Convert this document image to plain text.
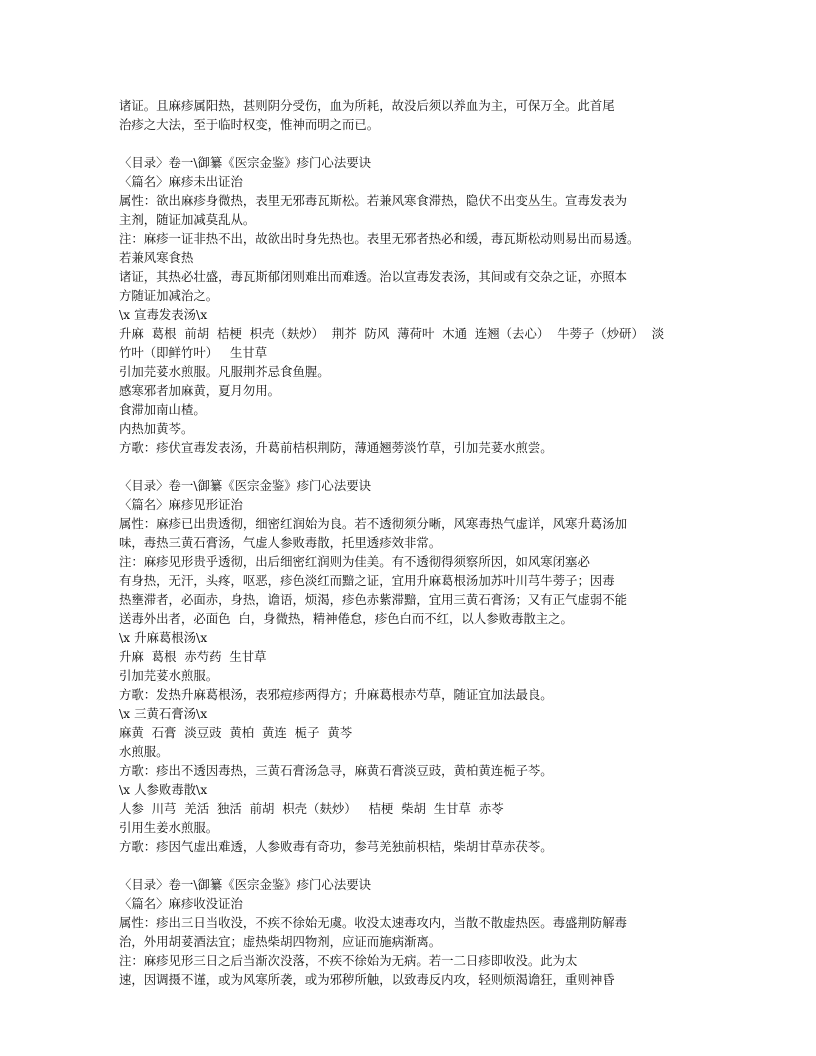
诸证。且麻疹属阳热，甚则阴分受伤，血为所耗，故没后须以养血为主，可保万全。此首尾
治疹之大法，至于临时权变，惟神而明之而已。
〈目录〉卷一\御纂《医宗金鉴》疹门心法要诀
〈篇名〉麻疹未出证治
属性：欲出麻疹身微热，表里无邪毒瓦斯松。若兼风寒食滞热，隐伏不出变丛生。宣毒发表为
主剂，随证加减莫乱从。
注：麻疹一证非热不出，故欲出时身先热也。表里无邪者热必和缓，毒瓦斯松动则易出而易透。
若兼风寒食热
诸证，其热必壮盛，毒瓦斯郁闭则难出而难透。治以宣毒发表汤，其间或有交杂之证，亦照本
方随证加减治之。
\x 宣毒发表汤\x
升麻  葛根  前胡  桔梗  枳壳（麸炒）  荆芥  防风  薄荷叶  木通  连翘（去心）  牛蒡子（炒研）  淡
竹叶（即鲜竹叶）   生甘草
引加芫荽水煎服。凡服荆芥忌食鱼腥。
感寒邪者加麻黄，夏月勿用。
食滞加南山楂。
内热加黄芩。
方歌：疹伏宣毒发表汤，升葛前桔枳荆防，薄通翘蒡淡竹草，引加芫荽水煎尝。
〈目录〉卷一\御纂《医宗金鉴》疹门心法要诀
〈篇名〉麻疹见形证治
属性：麻疹已出贵透彻，细密红润始为良。若不透彻须分晰，风寒毒热气虚详，风寒升葛汤加
味，毒热三黄石膏汤，气虚人参败毒散，托里透疹效非常。
注：麻疹见形贵乎透彻，出后细密红润则为佳美。有不透彻得须察所因，如风寒闭塞必
有身热，无汗，头疼，呕恶，疹色淡红而黯之证，宜用升麻葛根汤加苏叶川芎牛蒡子；因毒
热壅滞者，必面赤，身热，谵语，烦渴，疹色赤紫滞黯，宜用三黄石膏汤；又有正气虚弱不能
送毒外出者，必面色  白，身微热，精神倦怠，疹色白而不红，以人参败毒散主之。
\x 升麻葛根汤\x
升麻  葛根  赤芍药  生甘草
引加芫荽水煎服。
方歌：发热升麻葛根汤，表邪痘疹两得方；升麻葛根赤芍草，随证宜加法最良。
\x 三黄石膏汤\x
麻黄  石膏  淡豆豉  黄柏  黄连  栀子  黄芩
水煎服。
方歌：疹出不透因毒热，三黄石膏汤急寻，麻黄石膏淡豆豉，黄柏黄连栀子芩。
\x 人参败毒散\x
人参  川芎  羌活  独活  前胡  枳壳（麸炒）   桔梗  柴胡  生甘草  赤苓
引用生姜水煎服。
方歌：疹因气虚出难透，人参败毒有奇功，参芎羌独前枳桔，柴胡甘草赤茯苓。
〈目录〉卷一\御纂《医宗金鉴》疹门心法要诀
〈篇名〉麻疹收没证治
属性：疹出三日当收没，不疾不徐始无虞。收没太速毒攻内，当散不散虚热医。毒盛荆防解毒
治，外用胡荽酒法宜；虚热柴胡四物剂，应证而施病渐离。
注：麻疹见形三日之后当渐次没落，不疾不徐始为无病。若一二日疹即收没。此为太
速，因调摄不谨，或为风寒所袭，或为邪秽所触，以致毒反内攻，轻则烦渴谵狂，重则神昏
